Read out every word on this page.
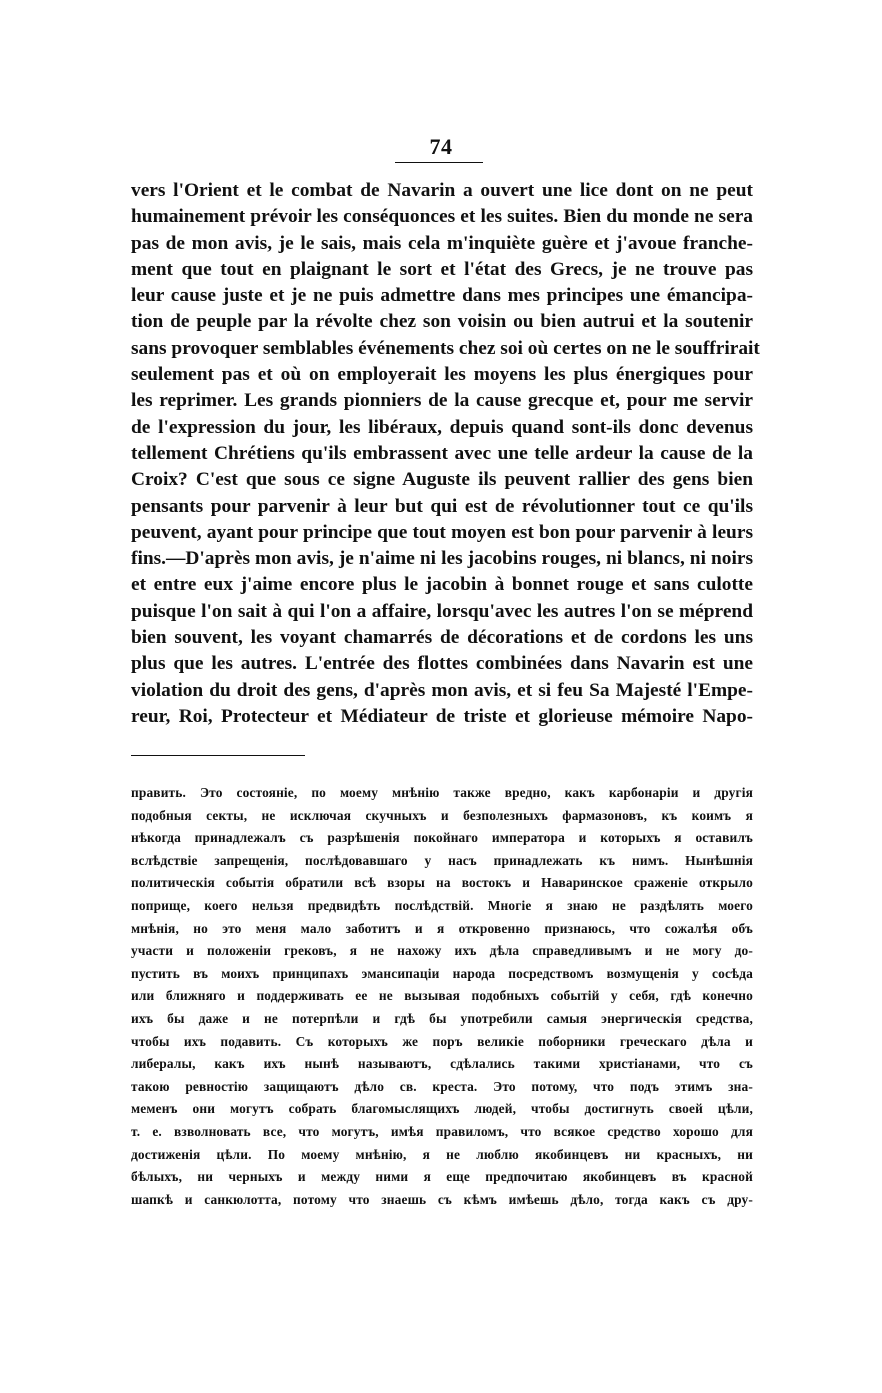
74
vers l'Orient et le combat de Navarin a ouvert une lice dont on ne peut
humainement prévoir les conséquonces et les suites. Bien du monde ne sera
pas de mon avis, je le sais, mais cela m'inquiète guère et j'avoue franche-
ment que tout en plaignant le sort et l'état des Grecs, je ne trouve pas
leur cause juste et je ne puis admettre dans mes principes une émancipa-
tion de peuple par la révolte chez son voisin ou bien autrui et la soutenir
sans provoquer semblables événements chez soi où certes on ne le souffrirait
seulement pas et où on employerait les moyens les plus énergiques pour
les reprimer. Les grands pionniers de la cause grecque et, pour me servir
de l'expression du jour, les libéraux, depuis quand sont-ils donc devenus
tellement Chrétiens qu'ils embrassent avec une telle ardeur la cause de la
Croix? C'est que sous ce signe Auguste ils peuvent rallier des gens bien
pensants pour parvenir à leur but qui est de révolutionner tout ce qu'ils
peuvent, ayant pour principe que tout moyen est bon pour parvenir à leurs
fins.—D'après mon avis, je n'aime ni les jacobins rouges, ni blancs, ni noirs
et entre eux j'aime encore plus le jacobin à bonnet rouge et sans culotte
puisque l'on sait à qui l'on a affaire, lorsqu'avec les autres l'on se méprend
bien souvent, les voyant chamarrés de décorations et de cordons les uns
plus que les autres. L'entrée des flottes combinées dans Navarin est une
violation du droit des gens, d'après mon avis, et si feu Sa Majesté l'Empe-
reur, Roi, Protecteur et Médiateur de triste et glorieuse mémoire Napo-
править. Это состояніе, по моему мнѣнію также вредно, какъ карбонаріи и другія
подобныя секты, не исключая скучныхъ и безполезныхъ фармазоновъ, къ коимъ я
нѣкогда принадлежалъ съ разрѣшенія покойнаго императора и которыхъ я оставилъ
вслѣдствіе запрещенія, послѣдовавшаго у насъ принадлежать къ нимъ. Нынѣшнія
политическія событія обратили всѣ взоры на востокъ и Наваринское сраженіе открыло
поприще, коего нельзя предвидѣть послѣдствій. Многіе я знаю не раздѣлять моего
мнѣнія, но это меня мало заботитъ и я откровенно признаюсь, что сожалѣя объ
участи и положеніи грековъ, я не нахожу ихъ дѣла справедливымъ и не могу до-
пустить въ моихъ принципахъ эмансипаціи народа посредствомъ возмущенія у сосѣда
или ближняго и поддерживать ее не вызывая подобныхъ событій у себя, гдѣ конечно
ихъ бы даже и не потерпѣли и гдѣ бы употребили самыя энергическія средства,
чтобы ихъ подавить. Съ которыхъ же поръ великіе поборники греческаго дѣла и
либералы, какъ ихъ нынѣ называютъ, сдѣлались такими христіанами, что съ
такою ревностію защищаютъ дѣло св. креста. Это потому, что подъ этимъ зна-
меменъ они могутъ собрать благомыслящихъ людей, чтобы достигнуть своей цѣли,
т. е. взволновать все, что могутъ, имѣя правиломъ, что всякое средство хорошо для
достиженія цѣли. По моему мнѣнію, я не люблю якобинцевъ ни красныхъ, ни
бѣлыхъ, ни черныхъ и между ними я еще предпочитаю якобинцевъ въ красной
шапкѣ и санкюлотта, потому что знаешь съ кѣмъ имѣешь дѣло, тогда какъ съ дру-
